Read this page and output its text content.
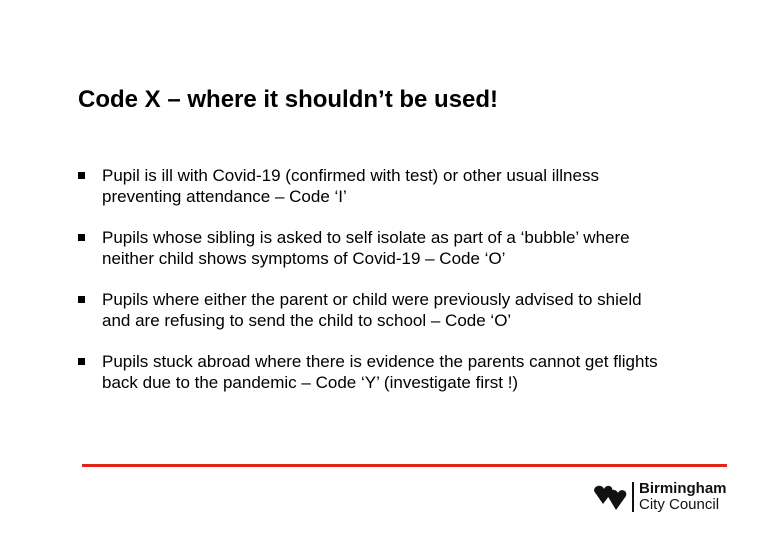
Code X – where it shouldn’t be used!
Pupil is ill with Covid-19 (confirmed with test) or other usual illness preventing attendance – Code ‘I’
Pupils whose sibling is asked to self isolate as part of a ‘bubble’ where neither child shows symptoms of Covid-19 – Code ‘O’
Pupils where either the parent or child were previously advised to shield and are refusing to send the child to school – Code ‘O’
Pupils stuck abroad where there is evidence the parents cannot get flights back due to the pandemic – Code ‘Y’ (investigate first !)
Birmingham
City Council
